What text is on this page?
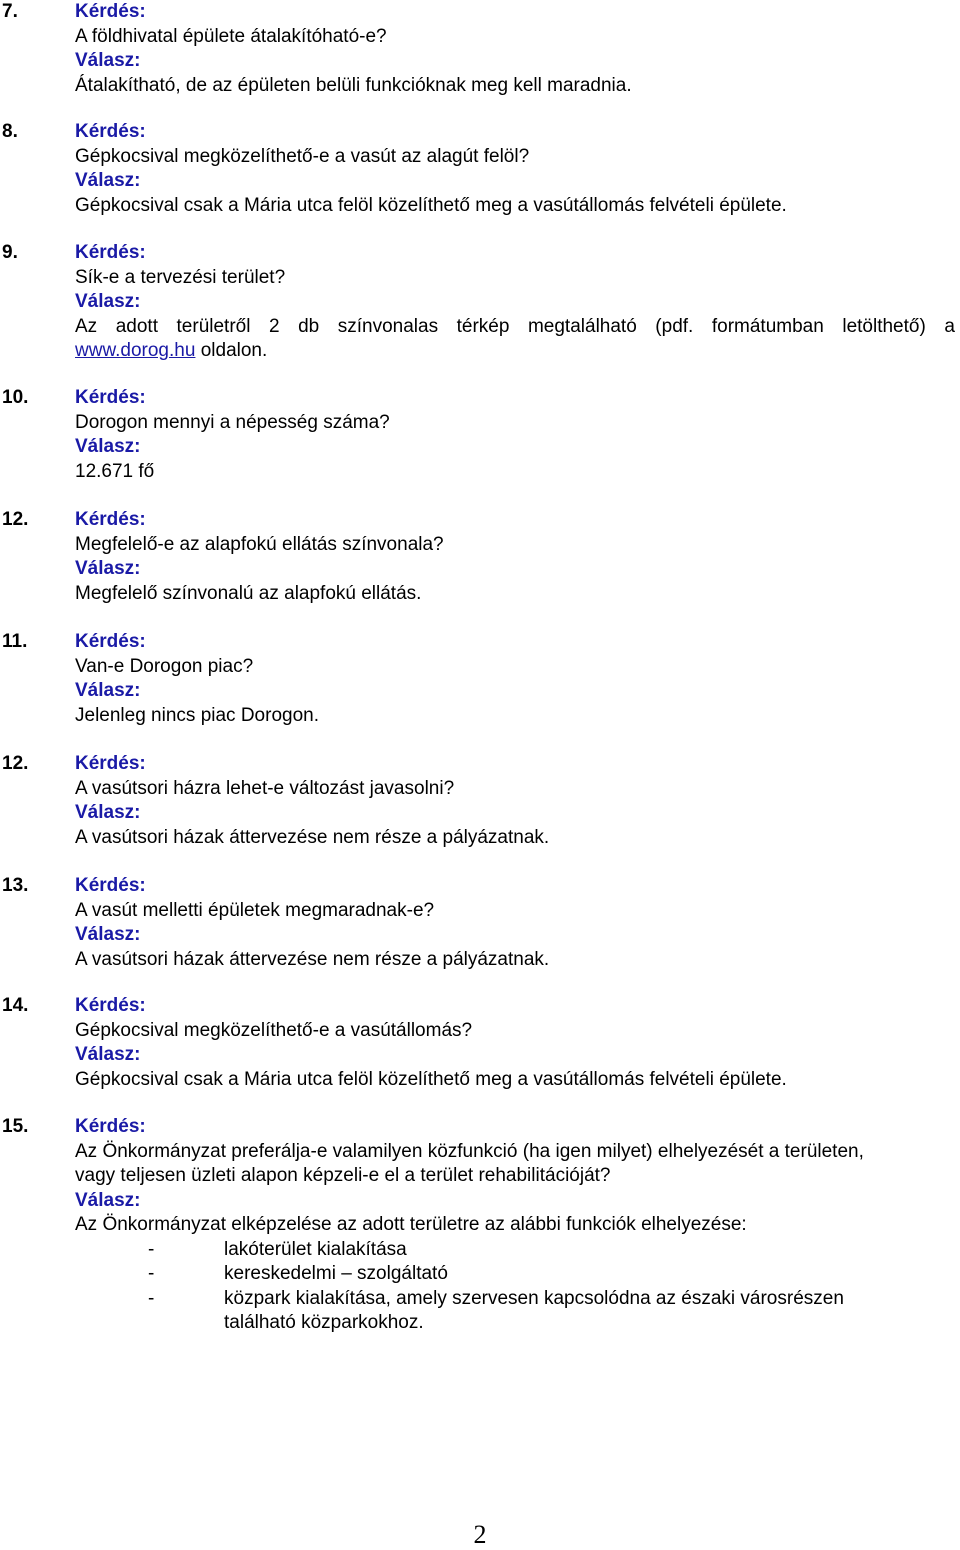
7.	Kérdés:
A földhivatal épülete átalakítóható-e?
Válasz:
Átalakítható, de az épületen belüli funkcióknak meg kell maradnia.
8.	Kérdés:
Gépkocsival megközelíthető-e a vasút az alagút felöl?
Válasz:
Gépkocsival csak a Mária utca felöl közelíthető meg a vasútállomás felvételi épülete.
9.	Kérdés:
Sík-e a tervezési terület?
Válasz:
Az adott területről 2 db színvonalas térkép megtalálható (pdf. formátumban letölthető) a
www.dorog.hu oldalon.
10. Kérdés:
Dorogon mennyi a népesség száma?
Válasz:
12.671 fő
12. Kérdés:
Megfelelő-e az alapfokú ellátás színvonala?
Válasz:
Megfelelő színvonalú az alapfokú ellátás.
11.	Kérdés:
Van-e Dorogon piac?
Válasz:
Jelenleg nincs piac Dorogon.
12. Kérdés:
A vasútsori házra lehet-e változást javasolni?
Válasz:
A vasútsori házak áttervezése nem része a pályázatnak.
13. Kérdés:
A vasút melletti épületek megmaradnak-e?
Válasz:
A vasútsori házak áttervezése nem része a pályázatnak.
14. Kérdés:
Gépkocsival megközelíthető-e a vasútállomás?
Válasz:
Gépkocsival csak a Mária utca felöl közelíthető meg a vasútállomás felvételi épülete.
15. Kérdés:
Az Önkormányzat preferálja-e valamilyen közfunkció (ha igen milyet) elhelyezését a területen,
vagy teljesen üzleti alapon képzeli-e el a terület rehabilitációját?
Válasz:
Az Önkormányzat elképzelése az adott területre az alábbi funkciók elhelyezése:
-	lakóterület kialakítása
-	kereskedelmi – szolgáltató
-	közpark kialakítása, amely szervesen kapcsolódna az északi városrészen
található közparkokhoz.
2
